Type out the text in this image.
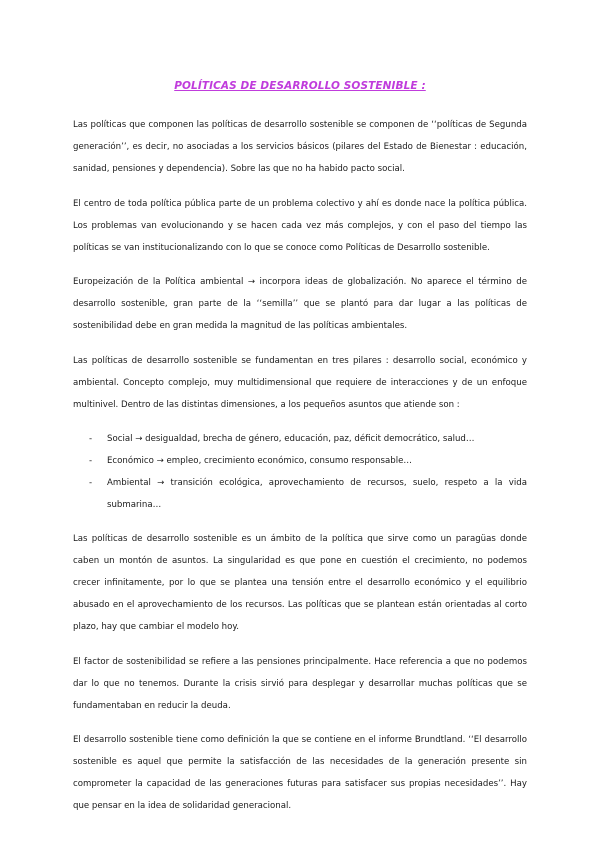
POLÍTICAS DE DESARROLLO SOSTENIBLE :

Las políticas que componen las políticas de desarrollo sostenible se componen de ‘‘políticas de Segunda generación’’, es decir, no asociadas a los servicios básicos (pilares del Estado de Bienestar : educación, sanidad, pensiones y dependencia). Sobre las que no ha habido pacto social.

El centro de toda política pública parte de un problema colectivo y ahí es donde nace la política pública. Los problemas van evolucionando y se hacen cada vez más complejos, y con el paso del tiempo las políticas se van institucionalizando con lo que se conoce como Políticas de Desarrollo sostenible.

Europeización de la Política ambiental → incorpora ideas de globalización. No aparece el término de desarrollo sostenible, gran parte de la ‘‘semilla’’ que se plantó para dar lugar a las políticas de sostenibilidad debe en gran medida la magnitud de las políticas ambientales.

Las políticas de desarrollo sostenible se fundamentan en tres pilares : desarrollo social, económico y ambiental. Concepto complejo, muy multidimensional que requiere de interacciones y de un enfoque multinivel. Dentro de las distintas dimensiones, a los pequeños asuntos que atiende son :

- Social → desigualdad, brecha de género, educación, paz, déficit democrático, salud…
- Económico → empleo, crecimiento económico, consumo responsable…
- Ambiental → transición ecológica, aprovechamiento de recursos, suelo, respeto a la vida submarina…

Las políticas de desarrollo sostenible es un ámbito de la política que sirve como un paragüas donde caben un montón de asuntos. La singularidad es que pone en cuestión el crecimiento, no podemos crecer infinitamente, por lo que se plantea una tensión entre el desarrollo económico y el equilibrio abusado en el aprovechamiento de los recursos. Las políticas que se plantean están orientadas al corto plazo, hay que cambiar el modelo hoy.

El factor de sostenibilidad se refiere a las pensiones principalmente. Hace referencia a que no podemos dar lo que no tenemos. Durante la crisis sirvió para desplegar y desarrollar muchas políticas que se fundamentaban en reducir la deuda.

El desarrollo sostenible tiene como definición la que se contiene en el informe Brundtland. ‘‘El desarrollo sostenible es aquel que permite la satisfacción de las necesidades de la generación presente sin comprometer la capacidad de las generaciones futuras para satisfacer sus propias necesidades’’. Hay que pensar en la idea de solidaridad generacional.
